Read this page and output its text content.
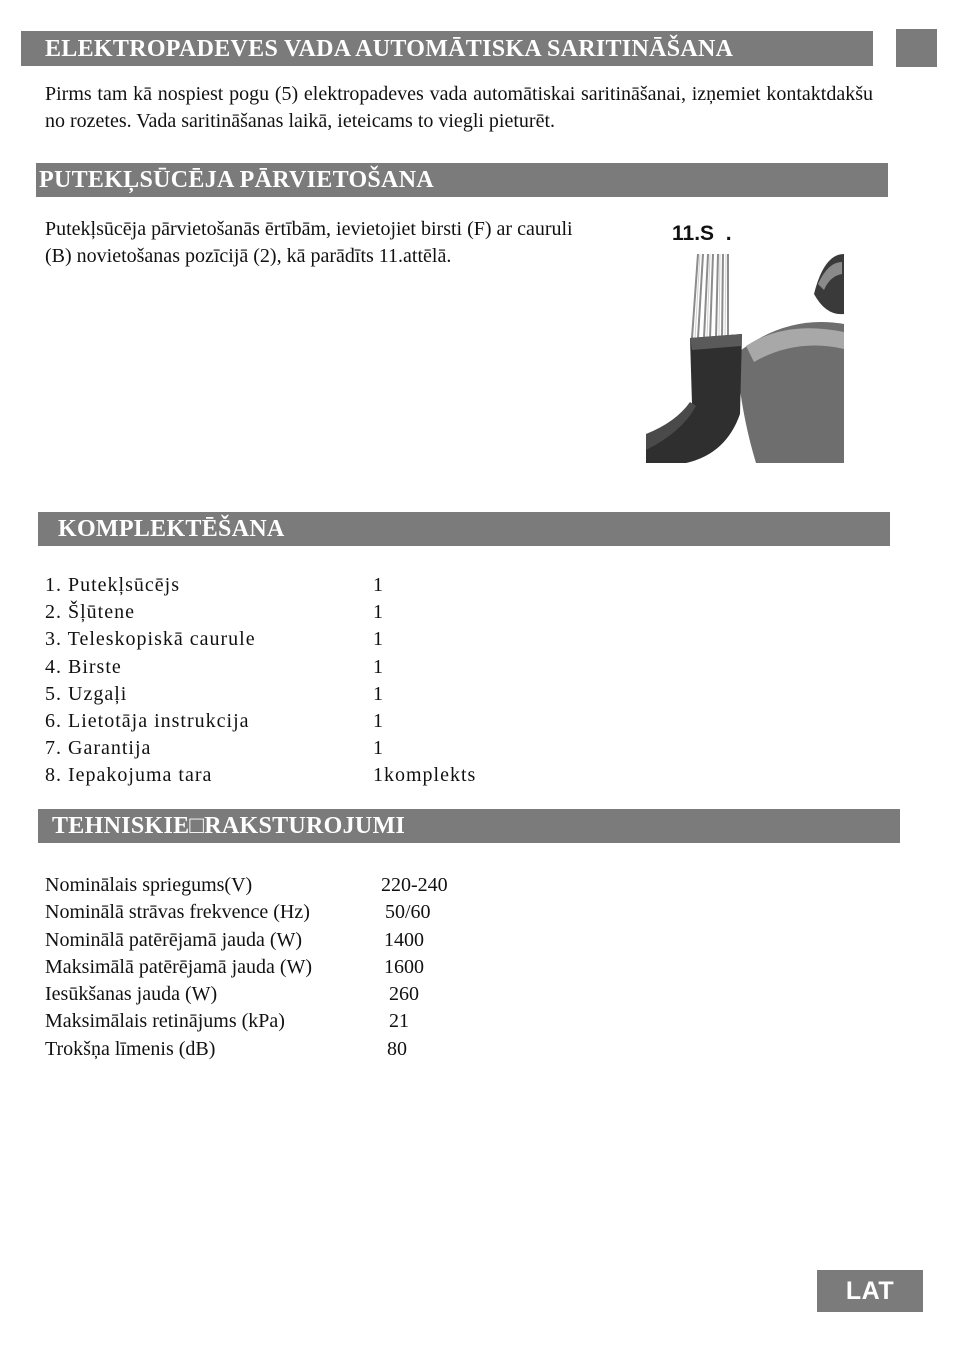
ELEKTROPADEVES VADA AUTOMĀTISKA SARITINĀŠANA
Pirms tam kā nospiest pogu (5) elektropadeves vada automātiskai saritināšanai, izņemiet kontaktdakšu no rozetes. Vada saritināšanas laikā, ieteicams to viegli pieturēt.
PUTEKĻSŪCĒJA PĀRVIETOŠANA
Putekļsūcēja pārvietošanās ērtībām, ievietojiet birsti (F) ar cauruli (B) novietošanas pozīcijā (2), kā parādīts 11.attēlā.
11.S  .
KOMPLEKTĒŠANA
1. Putekļsūcējs	1
2. Šļūtene	1
3. Teleskopiskā caurule	1
4. Birste	1
5. Uzgaļi	1
6. Lietotāja instrukcija	1
7. Garantija	1
8. Iepakojuma tara	1komplekts
TEHNISKIE□RAKSTUROJUMI
Nominālais spriegums(V)	220-240
Nominālā strāvas frekvence (Hz)	50/60
Nominālā patērējamā jauda (W)	1400
Maksimālā patērējamā jauda (W)	1600
Iesūkšanas jauda (W)	260
Maksimālais retinājums (kPa)	21
Trokšņa līmenis (dB)	80
LAT
